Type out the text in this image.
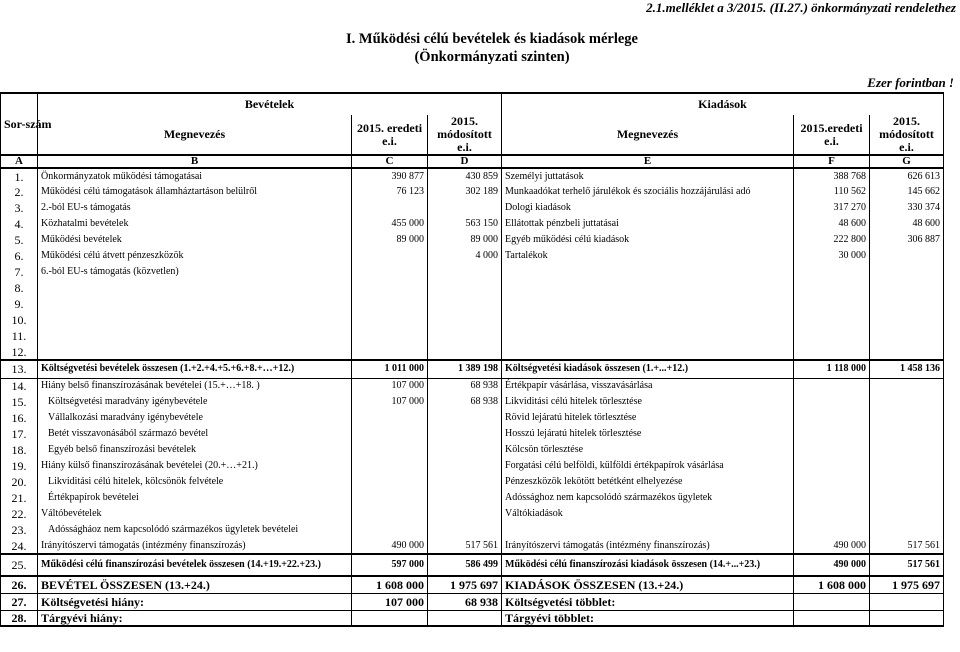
2.1.melléklet a 3/2015. (II.27.) önkormányzati rendelethez
I. Működési célú bevételek és kiadások mérlege
(Önkormányzati szinten)
Ezer forintban !
Sor-szám	Bevételek			Kiadások		
	Megnevezés	2015. eredeti e.i.	2015. módosított e.i.	Megnevezés	2015.eredeti e.i.	2015. módosított e.i.
A	B	C	D	E	F	G
1.	Önkormányzatok működési támogatásai	390 877	430 859	Személyi juttatások	388 768	626 613
2.	Működési célú támogatások államháztartáson belülről	76 123	302 189	Munkaadókat terhelő járulékok és szociális hozzájárulási adó	110 562	145 662
3.	2.-ból EU-s támogatás			Dologi kiadások	317 270	330 374
4.	Közhatalmi bevételek	455 000	563 150	Ellátottak pénzbeli juttatásai	48 600	48 600
5.	Működési bevételek	89 000	89 000	Egyéb működési célú kiadások	222 800	306 887
6.	Működési célú átvett pénzeszközök		4 000	Tartalékok	30 000	
7.	6.-ból EU-s támogatás (közvetlen)					
8.						
9.						
10.						
11.						
12.						
13.	Költségvetési bevételek összesen (1.+2.+4.+5.+6.+8.+…+12.)	1 011 000	1 389 198	Költségvetési kiadások összesen (1.+...+12.)	1 118 000	1 458 136
14.	Hiány belső finanszírozásának bevételei (15.+…+18. )	107 000	68 938	Értékpapír vásárlása, visszavásárlása		
15.	Költségvetési maradvány igénybevétele	107 000	68 938	Likviditási célú hitelek törlesztése		
16.	Vállalkozási maradvány igénybevétele			Rövid lejáratú hitelek törlesztése		
17.	Betét visszavonásából származó bevétel			Hosszú lejáratú hitelek törlesztése		
18.	Egyéb belső finanszírozási bevételek			Kölcsön törlesztése		
19.	Hiány külső finanszírozásának bevételei (20.+…+21.)			Forgatási célú belföldi, külföldi értékpapírok vásárlása		
20.	Likviditási célú hitelek, kölcsönök felvétele			Pénzeszközök lekötött betétként elhelyezése		
21.	Értékpapírok bevételei			Adóssághoz nem kapcsolódó származékos ügyletek		
22.	Váltóbevételek			Váltókiadások		
23.	Adósságháoz nem kapcsolódó származékos ügyletek bevételei					
24.	Irányítószervi támogatás (intézmény finanszírozás)	490 000	517 561	Irányítószervi támogatás (intézmény finanszírozás)	490 000	517 561
25.	Működési célú finanszírozási bevételek összesen (14.+19.+22.+23.)	597 000	586 499	Működési célú finanszírozási kiadások összesen (14.+...+23.)	490 000	517 561
26.	BEVÉTEL ÖSSZESEN (13.+24.)	1 608 000	1 975 697	KIADÁSOK ÖSSZESEN (13.+24.)	1 608 000	1 975 697
27.	Költségvetési hiány:	107 000	68 938	Költségvetési többlet:		
28.	Tárgyévi hiány:			Tárgyévi többlet:		
